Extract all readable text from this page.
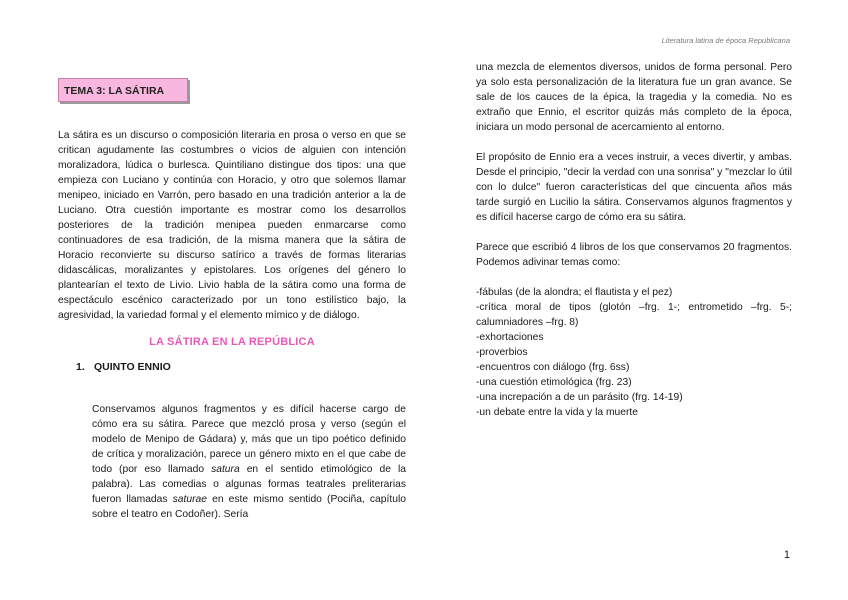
Literatura latina de época Republicana
TEMA 3: LA SÁTIRA

La sátira es un discurso o composición literaria en prosa o verso en que se critican agudamente las costumbres o vicios de alguien con intención moralizadora, lúdica o burlesca. Quintiliano distingue dos tipos: una que empieza con Luciano y continúa con Horacio, y otro que solemos llamar menipeo, iniciado en Varrón, pero basado en una tradición anterior a la de Luciano. Otra cuestión importante es mostrar como los desarrollos posteriores de la tradición menipea pueden enmarcarse como continuadores de esa tradición, de la misma manera que la sátira de Horacio reconvierte su discurso satírico a través de formas literarias didascálicas, moralizantes y epistolares. Los orígenes del género lo plantearían el texto de Livio. Livio habla de la sátira como una forma de espectáculo escénico caracterizado por un tono estilístico bajo, la agresividad, la variedad formal y el elemento mímico y de diálogo.

LA SÁTIRA EN LA REPÚBLICA
1. QUINTO ENNIO

Conservamos algunos fragmentos y es difícil hacerse cargo de cómo era su sátira. Parece que mezcló prosa y verso (según el modelo de Menipo de Gádara) y, más que un tipo poético definido de crítica y moralización, parece un género mixto en el que cabe de todo (por eso llamado satura en el sentido etimológico de la palabra). Las comedias o algunas formas teatrales preliterarias fueron llamadas saturae en este mismo sentido (Pociña, capítulo sobre el teatro en Codoñer). Sería

una mezcla de elementos diversos, unidos de forma personal. Pero ya solo esta personalización de la literatura fue un gran avance. Se sale de los cauces de la épica, la tragedia y la comedia. No es extraño que Ennio, el escritor quizás más completo de la época, iniciara un modo personal de acercamiento al entorno.

El propósito de Ennio era a veces instruir, a veces divertir, y ambas. Desde el principio, "decir la verdad con una sonrisa" y "mezclar lo útil con lo dulce" fueron características del que cincuenta años más tarde surgió en Lucilio la sátira. Conservamos algunos fragmentos y es difícil hacerse cargo de cómo era su sátira.

Parece que escribió 4 libros de los que conservamos 20 fragmentos. Podemos adivinar temas como:

-fábulas (de la alondra; el flautista y el pez)

-crítica moral de tipos (glotón –frg. 1-; entrometido –frg. 5-; calumniadores –frg. 8)

-exhortaciones

-proverbios

-encuentros con diálogo (frg. 6ss)

-una cuestión etimológica (frg. 23)

-una increpación a de un parásito (frg. 14-19)

-un debate entre la vida y la muerte

1
